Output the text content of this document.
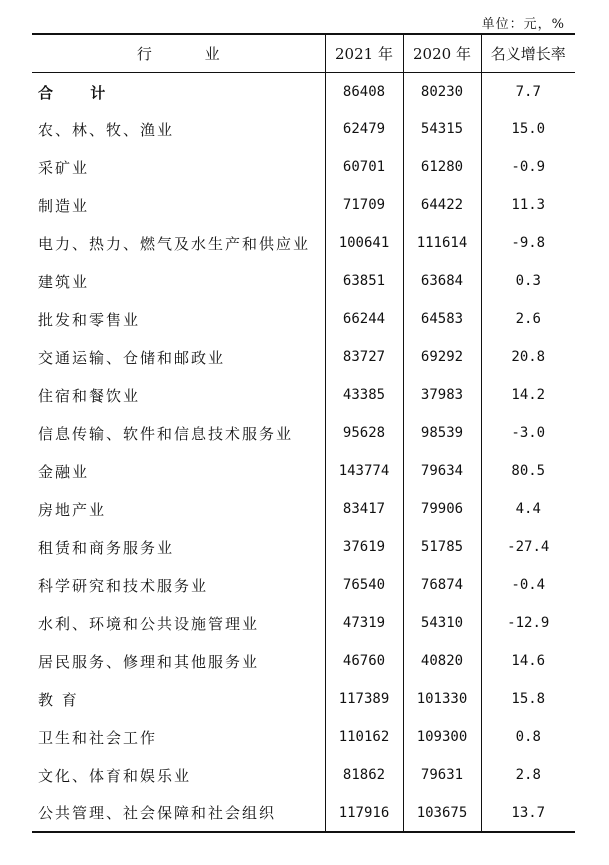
单位：元，%
行 业	2021 年	2020 年	名义增长率
合 计	86408	80230	7.7
农、林、牧、渔业	62479	54315	15.0
采矿业	60701	61280	-0.9
制造业	71709	64422	11.3
电力、热力、燃气及水生产和供应业	100641	111614	-9.8
建筑业	63851	63684	0.3
批发和零售业	66244	64583	2.6
交通运输、仓储和邮政业	83727	69292	20.8
住宿和餐饮业	43385	37983	14.2
信息传输、软件和信息技术服务业	95628	98539	-3.0
金融业	143774	79634	80.5
房地产业	83417	79906	4.4
租赁和商务服务业	37619	51785	-27.4
科学研究和技术服务业	76540	76874	-0.4
水利、环境和公共设施管理业	47319	54310	-12.9
居民服务、修理和其他服务业	46760	40820	14.6
教 育	117389	101330	15.8
卫生和社会工作	110162	109300	0.8
文化、体育和娱乐业	81862	79631	2.8
公共管理、社会保障和社会组织	117916	103675	13.7
